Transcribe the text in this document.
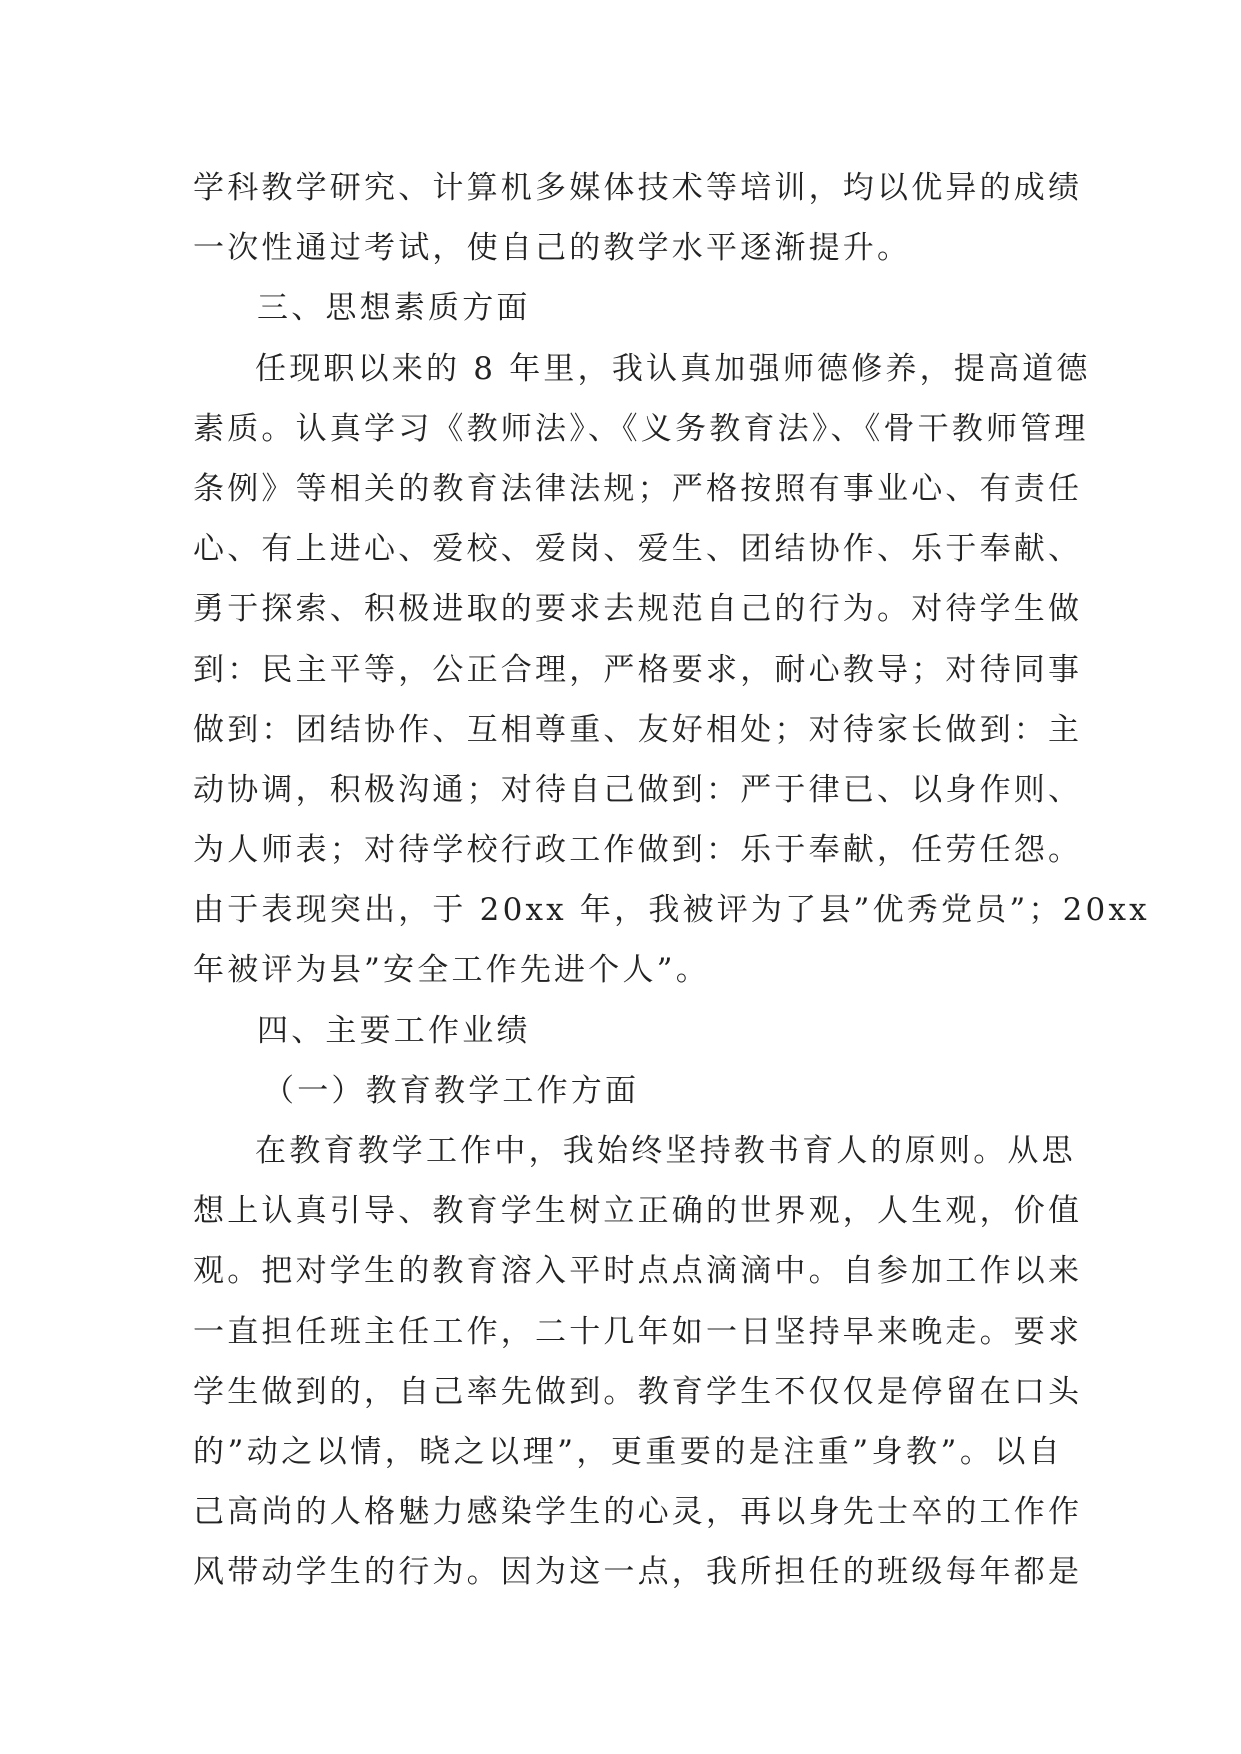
学科教学研究、计算机多媒体技术等培训，均以优异的成绩
一次性通过考试，使自己的教学水平逐渐提升。
三、思想素质方面
任现职以来的 8 年里，我认真加强师德修养，提高道德
素质。认真学习《教师法》、《义务教育法》、《骨干教师管理
条例》等相关的教育法律法规；严格按照有事业心、有责任
心、有上进心、爱校、爱岗、爱生、团结协作、乐于奉献、
勇于探索、积极进取的要求去规范自己的行为。对待学生做
到：民主平等，公正合理，严格要求，耐心教导；对待同事
做到：团结协作、互相尊重、友好相处；对待家长做到：主
动协调，积极沟通；对待自己做到：严于律已、以身作则、
为人师表；对待学校行政工作做到：乐于奉献，任劳任怨。
由于表现突出，于 20xx 年，我被评为了县”优秀党员”；20xx
年被评为县”安全工作先进个人”。
四、主要工作业绩
（一）教育教学工作方面
在教育教学工作中，我始终坚持教书育人的原则。从思
想上认真引导、教育学生树立正确的世界观，人生观，价值
观。把对学生的教育溶入平时点点滴滴中。自参加工作以来
一直担任班主任工作，二十几年如一日坚持早来晚走。要求
学生做到的，自己率先做到。教育学生不仅仅是停留在口头
的”动之以情，晓之以理”，更重要的是注重”身教”。以自
己高尚的人格魅力感染学生的心灵，再以身先士卒的工作作
风带动学生的行为。因为这一点，我所担任的班级每年都是
